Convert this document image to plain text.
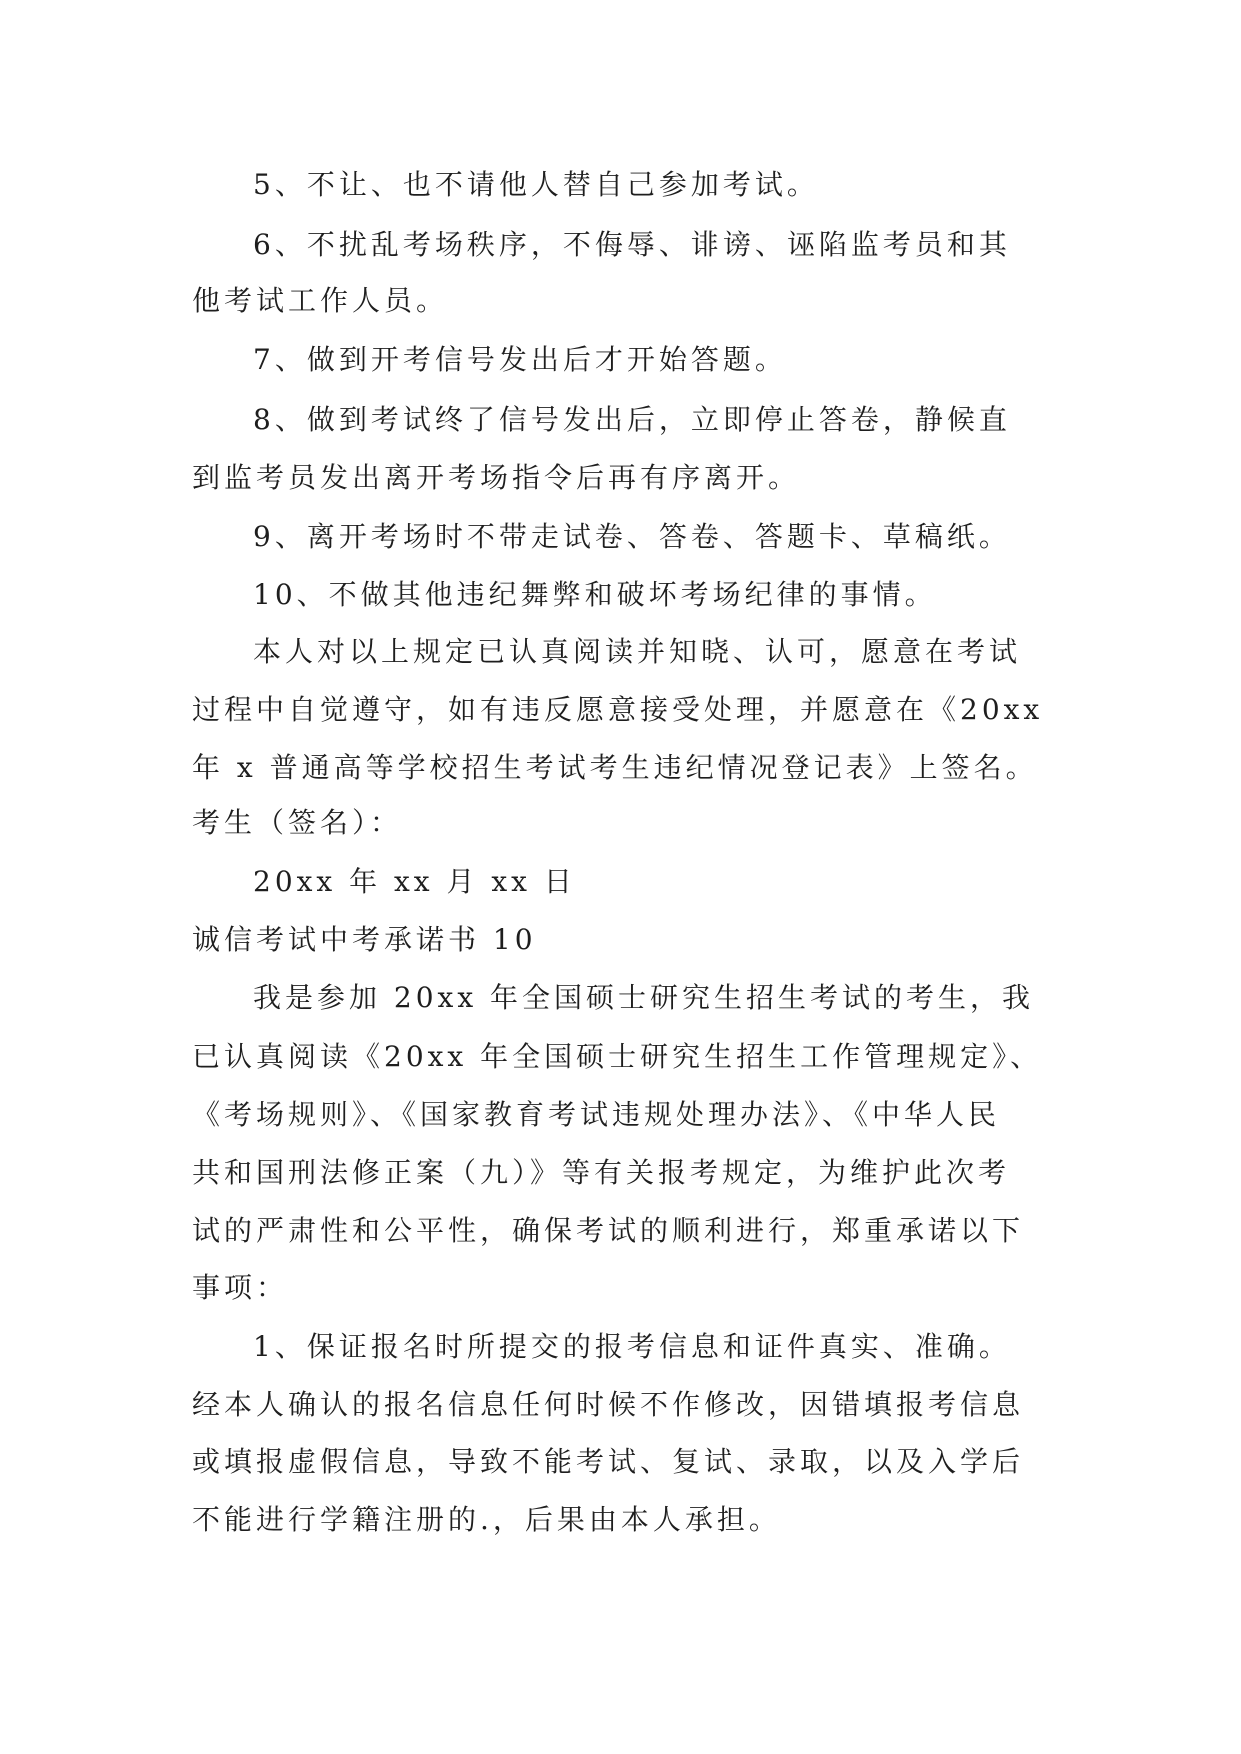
5、不让、也不请他人替自己参加考试。
6、不扰乱考场秩序，不侮辱、诽谤、诬陷监考员和其
他考试工作人员。
7、做到开考信号发出后才开始答题。
8、做到考试终了信号发出后，立即停止答卷，静候直
到监考员发出离开考场指令后再有序离开。
9、离开考场时不带走试卷、答卷、答题卡、草稿纸。
10、不做其他违纪舞弊和破坏考场纪律的事情。
本人对以上规定已认真阅读并知晓、认可，愿意在考试
过程中自觉遵守，如有违反愿意接受处理，并愿意在《20xx
年 x 普通高等学校招生考试考生违纪情况登记表》上签名。
考生（签名）：
20xx 年 xx 月 xx 日
诚信考试中考承诺书 10
我是参加 20xx 年全国硕士研究生招生考试的考生，我
已认真阅读《20xx 年全国硕士研究生招生工作管理规定》、
《考场规则》、《国家教育考试违规处理办法》、《中华人民
共和国刑法修正案（九）》等有关报考规定，为维护此次考
试的严肃性和公平性，确保考试的顺利进行，郑重承诺以下
事项：
1、保证报名时所提交的报考信息和证件真实、准确。
经本人确认的报名信息任何时候不作修改，因错填报考信息
或填报虚假信息，导致不能考试、复试、录取，以及入学后
不能进行学籍注册的.，后果由本人承担。
